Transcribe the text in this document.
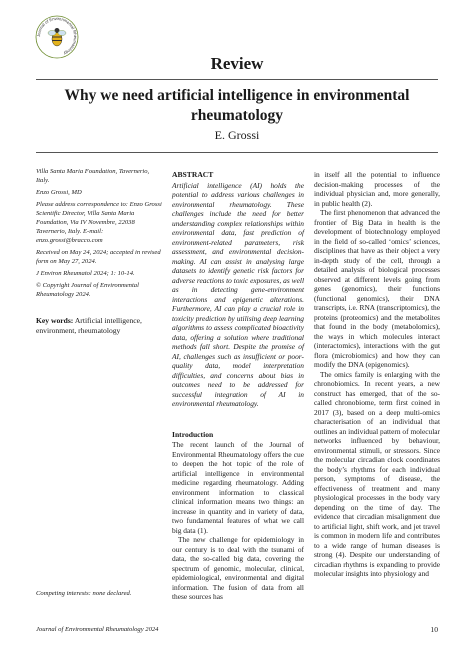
Journal of Environmental Rheumatology
Review
Why we need artificial intelligence in environmental rheumatology
E. Grossi

Villa Santa Maria Foundation, Tavernerio, Italy.

Enzo Grossi, MD

Please address correspondence to: Enzo Grossi Scientific Director, Villa Santa Maria Foundation, Via IV Novembre, 22038 Tavernerio, Italy. E-mail: enzo.grossi@bracco.com

Received on May 24, 2024; accepted in revised form on May 27, 2024.

J Environ Rheumatol 2024; 1: 10-14.

© Copyright Journal of Environmental Rheumatology 2024.

Key words: Artificial intelligence, environment, rheumatology
Competing interests: none declared.
ABSTRACT

Artificial intelligence (AI) holds the potential to address various challenges in environmental rheumatology. These challenges include the need for better understanding complex relationships within environmental data, fast prediction of environment-related parameters, risk assessment, and environmental decision-making. AI can assist in analysing large datasets to identify genetic risk factors for adverse reactions to toxic exposures, as well as in detecting gene-environment interactions and epigenetic alterations. Furthermore, AI can play a crucial role in toxicity prediction by utilising deep learning algorithms to assess complicated bioactivity data, offering a solution where traditional methods fall short. Despite the promise of AI, challenges such as insufficient or poor-quality data, model interpretation difficulties, and concerns about bias in outcomes need to be addressed for successful integration of AI in environmental rheumatology.

Introduction

The recent launch of the Journal of Environmental Rheumatology offers the cue to deepen the hot topic of the role of artificial intelligence in environmental medicine regarding rheumatology. Adding environment information to classical clinical information means two things: an increase in quantity and in variety of data, two fundamental features of what we call big data (1).

The new challenge for epidemiology in our century is to deal with the tsunami of data, the so-called big data, covering the spectrum of genomic, molecular, clinical, epidemiological, environmental and digital information. The fusion of data from all these sources has

in itself all the potential to influence decision-making processes of the individual physician and, more generally, in public health (2).

The first phenomenon that advanced the frontier of Big Data in health is the development of biotechnology employed in the field of so-called ‘omics’ sciences, disciplines that have as their object a very in-depth study of the cell, through a detailed analysis of biological processes observed at different levels going from genes (genomics), their functions (functional genomics), their DNA transcripts, i.e. RNA (transcriptomics), the proteins (proteomics) and the metabolites that found in the body (metabolomics), the ways in which molecules interact (interactomics), interactions with the gut flora (microbiomics) and how they can modify the DNA (epigenomics).

The omics family is enlarging with the chronobiomics. In recent years, a new construct has emerged, that of the so-called chronobiome, term first coined in 2017 (3), based on a deep multi-omics characterisation of an individual that outlines an individual pattern of molecular networks influenced by behaviour, environmental stimuli, or stressors. Since the molecular circadian clock coordinates the body’s rhythms for each individual person, symptoms of disease, the effectiveness of treatment and many physiological processes in the body vary depending on the time of day. The evidence that circadian misalignment due to artificial light, shift work, and jet travel is common in modern life and contributes to a wide range of human diseases is strong (4). Despite our understanding of circadian rhythms is expanding to provide molecular insights into physiology and

Journal of Environmental Rheumatology 2024	10
